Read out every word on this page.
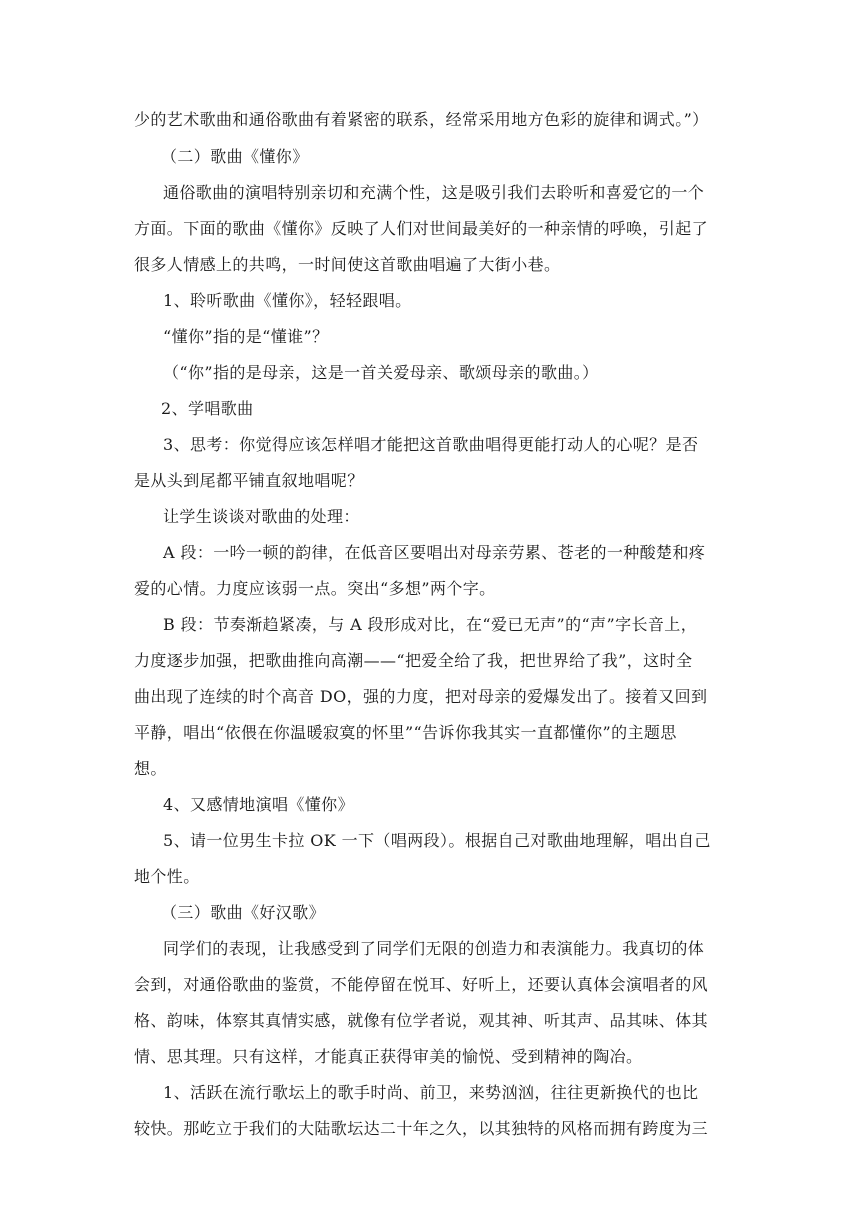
少的艺术歌曲和通俗歌曲有着紧密的联系，经常采用地方色彩的旋律和调式。”）
（二）歌曲《懂你》
通俗歌曲的演唱特别亲切和充满个性，这是吸引我们去聆听和喜爱它的一个
方面。下面的歌曲《懂你》反映了人们对世间最美好的一种亲情的呼唤，引起了
很多人情感上的共鸣，一时间使这首歌曲唱遍了大街小巷。
1、聆听歌曲《懂你》，轻轻跟唱。
“懂你”指的是“懂谁”？
（“你”指的是母亲，这是一首关爱母亲、歌颂母亲的歌曲。）
2、学唱歌曲
3、思考：你觉得应该怎样唱才能把这首歌曲唱得更能打动人的心呢？是否
是从头到尾都平铺直叙地唱呢？
让学生谈谈对歌曲的处理：
A 段：一吟一顿的韵律，在低音区要唱出对母亲劳累、苍老的一种酸楚和疼
爱的心情。力度应该弱一点。突出“多想”两个字。
B 段：节奏渐趋紧凑，与 A 段形成对比，在“爱已无声”的“声”字长音上，
力度逐步加强，把歌曲推向高潮——“把爱全给了我，把世界给了我”，这时全
曲出现了连续的时个高音 DO，强的力度，把对母亲的爱爆发出了。接着又回到
平静，唱出“依偎在你温暖寂寞的怀里”“告诉你我其实一直都懂你”的主题思
想。
4、又感情地演唱《懂你》
5、请一位男生卡拉 OK 一下（唱两段）。根据自己对歌曲地理解，唱出自己
地个性。
（三）歌曲《好汉歌》
同学们的表现，让我感受到了同学们无限的创造力和表演能力。我真切的体
会到，对通俗歌曲的鉴赏，不能停留在悦耳、好听上，还要认真体会演唱者的风
格、韵味，体察其真情实感，就像有位学者说，观其神、听其声、品其味、体其
情、思其理。只有这样，才能真正获得审美的愉悦、受到精神的陶冶。
1、活跃在流行歌坛上的歌手时尚、前卫，来势汹汹，往往更新换代的也比
较快。那屹立于我们的大陆歌坛达二十年之久，以其独特的风格而拥有跨度为三
